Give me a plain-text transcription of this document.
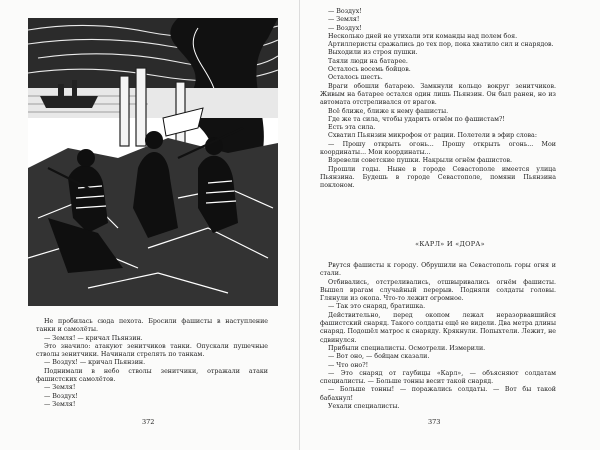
Не пробилась сюда пехота. Бросили фашисты в наступление танки и самолёты.

— Земля! — кричал Пьянзин.

Это значило: атакуют зенитчиков танки. Опускали пушечные стволы зенитчики. Начинали стрелять по танкам.

— Воздух! — кричал Пьянзин.

Поднимали в небо стволы зенитчики, отражали атаки фашистских самолётов.

— Земля!

— Воздух!

— Земля!

372

— Воздух!

— Земля!

— Воздух!

Несколько дней не утихали эти команды над полем боя.

Артиллеристы сражались до тех пор, пока хватило сил и снарядов.

Выходили из строя пушки.

Таяли люди на батарее.

Осталось восемь бойцов.

Осталось шесть.

Враги обошли батарею. Замкнули кольцо вокруг зенитчиков. Живым на батарее остался один лишь Пьянзин. Он был ранен, но из автомата отстреливался от врагов.

Всё ближе, ближе к нему фашисты.

Где же та сила, чтобы ударить огнём по фашистам?!

Есть эта сила.

Схватил Пьянзин микрофон от рации. Полетели в эфир слова:

— Прошу открыть огонь... Прошу открыть огонь... Мои координаты... Мои координаты...

Взревели советские пушки. Накрыли огнём фашистов.

Прошли годы. Ныне в городе Севастополе имеется улица Пьянзина. Будешь в городе Севастополе, помяни Пьянзина поклоном.

«КАРЛ» И «ДОРА»

Рвутся фашисты к городу. Обрушили на Севастополь горы огня и стали.

Отбивались, отстреливались, отшвыривались огнём фашисты. Вышел врагам случайный перерыв. Подняли солдаты головы. Глянули из окопа. Что-то лежит огромное.

— Так это снаряд, братишка.

Действительно, перед окопом лежал неразорвавшийся фашистский снаряд. Такого солдаты ещё не видели. Два метра длины снаряд. Подошёл матрос к снаряду. Крякнули. Попыхтели. Лежит, не сдвинулся.

Прибыли специалисты. Осмотрели. Измерили.

— Вот оно, — бойцам сказали.

— Что оно?!

— Это снаряд от гаубицы «Карл», — объясняют солдатам специалисты. — Больше тонны весит такой снаряд.

— Больше тонны! — поражались солдаты. — Вот бы такой бабахнул!

Уехали специалисты.

373
